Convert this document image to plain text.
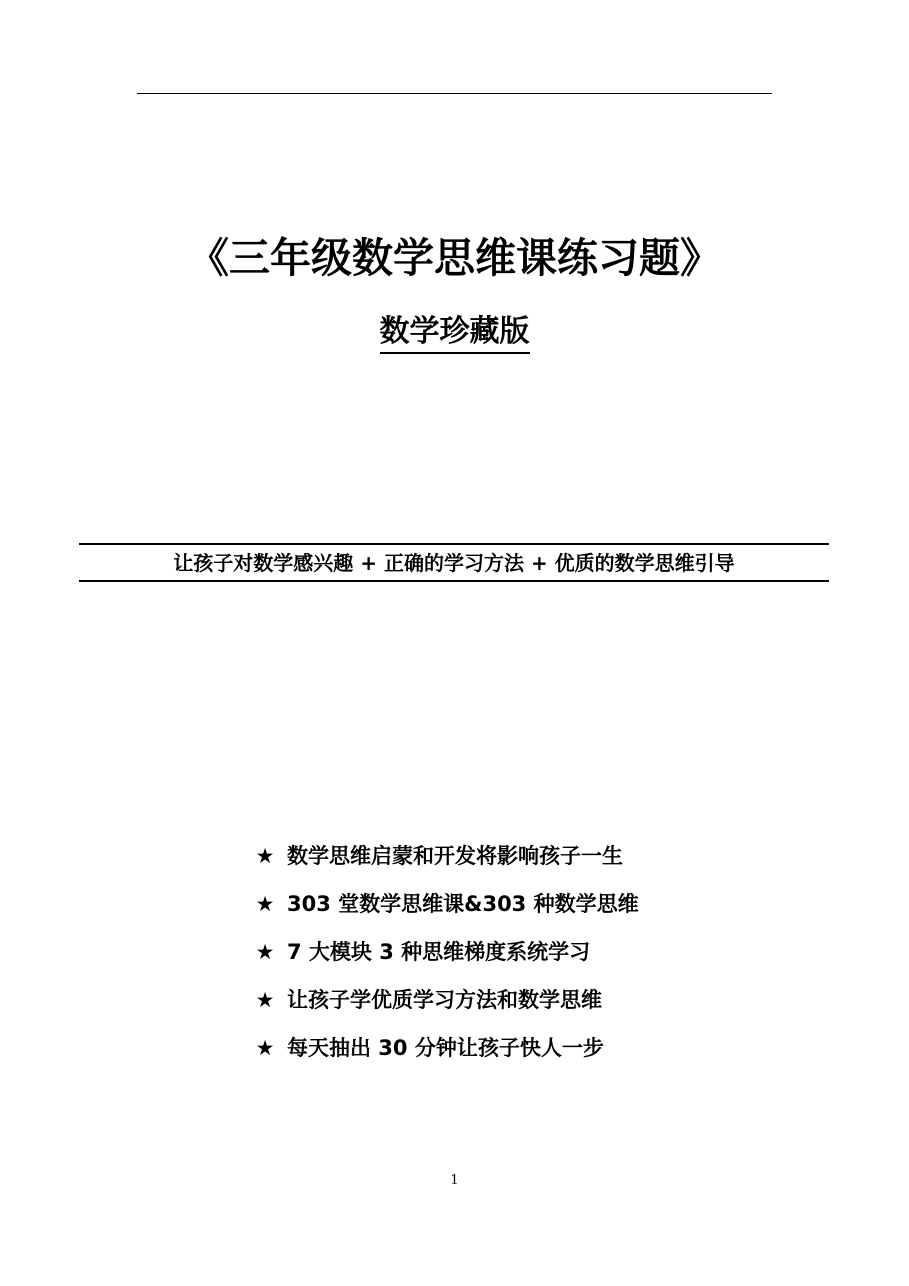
《三年级数学思维课练习题》
数学珍藏版
让孩子对数学感兴趣 + 正确的学习方法 + 优质的数学思维引导
★ 数学思维启蒙和开发将影响孩子一生
★ 303 堂数学思维课&303 种数学思维
★ 7 大模块 3 种思维梯度系统学习
★ 让孩子学优质学习方法和数学思维
★ 每天抽出 30 分钟让孩子快人一步
1
